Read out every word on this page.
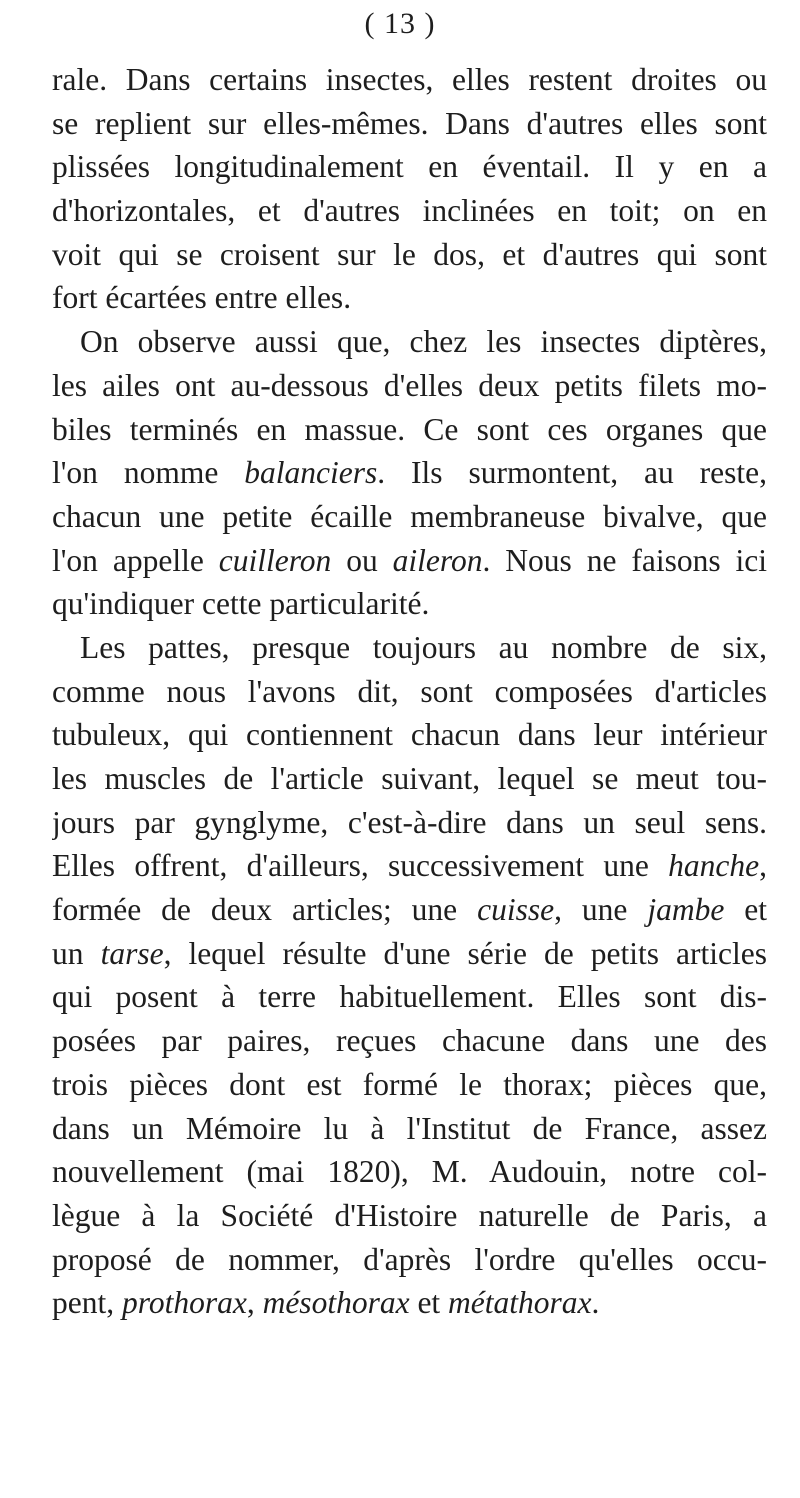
( 13 )
rale. Dans certains insectes, elles restent droites ou
se replient sur elles-mêmes. Dans d'autres elles sont
plissées longitudinalement en éventail. Il y en a
d'horizontales, et d'autres inclinées en toit; on en
voit qui se croisent sur le dos, et d'autres qui sont
fort écartées entre elles.
On observe aussi que, chez les insectes diptères,
les ailes ont au-dessous d'elles deux petits filets mo-
biles terminés en massue. Ce sont ces organes que
l'on nomme balanciers. Ils surmontent, au reste,
chacun une petite écaille membraneuse bivalve, que
l'on appelle cuilleron ou aileron. Nous ne faisons ici
qu'indiquer cette particularité.
Les pattes, presque toujours au nombre de six,
comme nous l'avons dit, sont composées d'articles
tubuleux, qui contiennent chacun dans leur intérieur
les muscles de l'article suivant, lequel se meut tou-
jours par gynglyme, c'est-à-dire dans un seul sens.
Elles offrent, d'ailleurs, successivement une hanche,
formée de deux articles; une cuisse, une jambe et
un tarse, lequel résulte d'une série de petits articles
qui posent à terre habituellement. Elles sont dis-
posées par paires, reçues chacune dans une des
trois pièces dont est formé le thorax; pièces que,
dans un Mémoire lu à l'Institut de France, assez
nouvellement (mai 1820), M. Audouin, notre col-
lègue à la Société d'Histoire naturelle de Paris, a
proposé de nommer, d'après l'ordre qu'elles occu-
pent, prothorax, mésothorax et métathorax.
